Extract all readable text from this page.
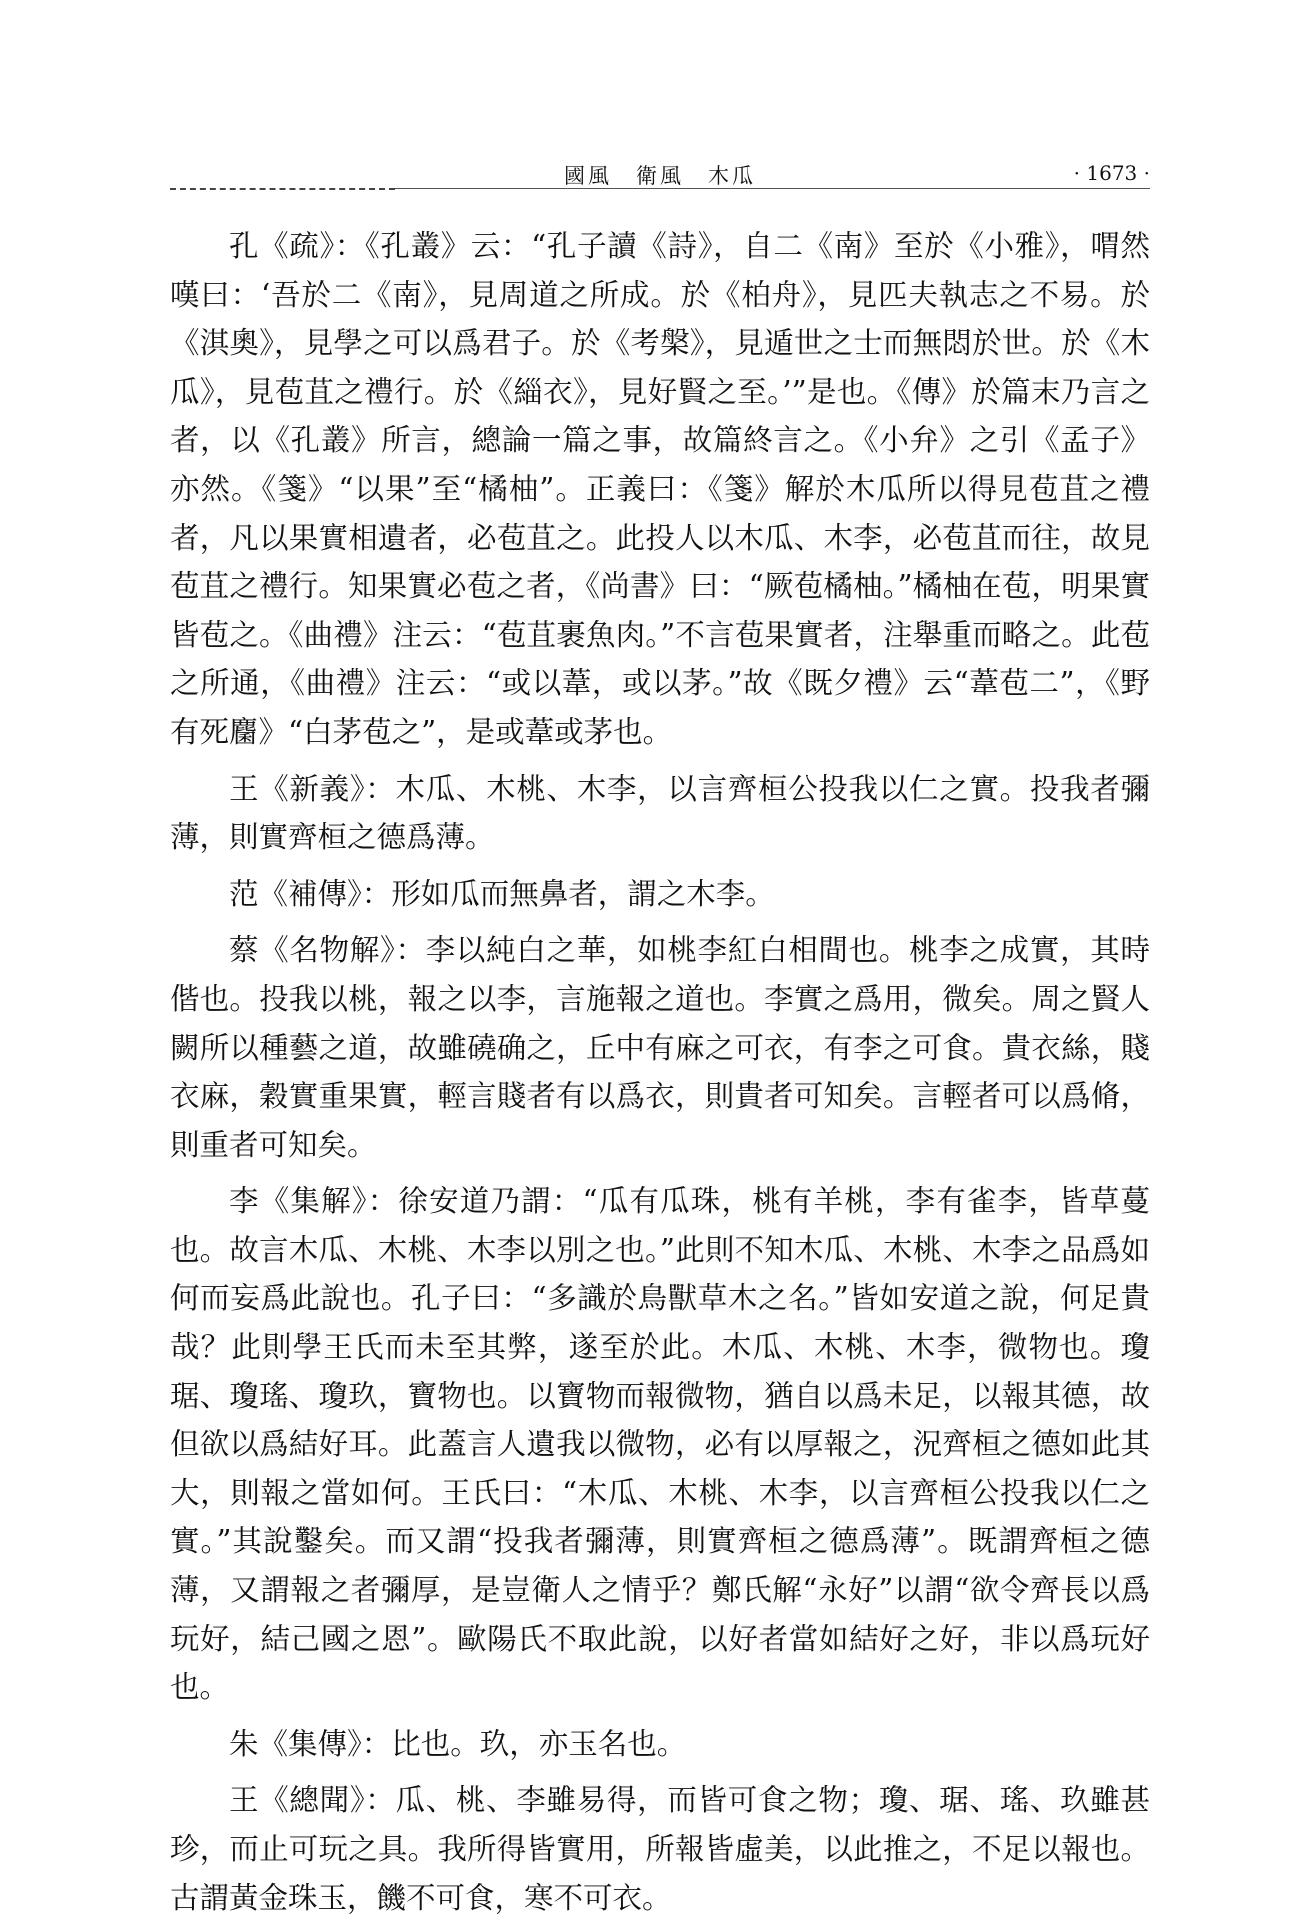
國風　衛風　木瓜	· 1673 ·

孔《疏》：《孔叢》云：“孔子讀《詩》，自二《南》至於《小雅》，喟然嘆曰：‘吾於二《南》，見周道之所成。於《柏舟》，見匹夫執志之不易。於《淇奧》，見學之可以爲君子。於《考槃》，見遁世之士而無悶於世。於《木瓜》，見苞苴之禮行。於《緇衣》，見好賢之至。’”是也。《傳》於篇末乃言之者，以《孔叢》所言，總論一篇之事，故篇終言之。《小弁》之引《孟子》亦然。《箋》“以果”至“橘柚”。正義曰：《箋》解於木瓜所以得見苞苴之禮者，凡以果實相遺者，必苞苴之。此投人以木瓜、木李，必苞苴而往，故見苞苴之禮行。知果實必苞之者，《尚書》曰：“厥苞橘柚。”橘柚在苞，明果實皆苞之。《曲禮》注云：“苞苴裹魚肉。”不言苞果實者，注舉重而略之。此苞之所通，《曲禮》注云：“或以葦，或以茅。”故《既夕禮》云“葦苞二”，《野有死麕》“白茅苞之”，是或葦或茅也。

王《新義》：木瓜、木桃、木李，以言齊桓公投我以仁之實。投我者彌薄，則實齊桓之德爲薄。

范《補傳》：形如瓜而無鼻者，謂之木李。

蔡《名物解》：李以純白之華，如桃李紅白相間也。桃李之成實，其時偕也。投我以桃，報之以李，言施報之道也。李實之爲用，微矣。周之賢人闕所以種藝之道，故雖磽确之，丘中有麻之可衣，有李之可食。貴衣絲，賤衣麻，穀實重果實，輕言賤者有以爲衣，則貴者可知矣。言輕者可以爲脩，則重者可知矣。

李《集解》：徐安道乃謂：“瓜有瓜珠，桃有羊桃，李有雀李，皆草蔓也。故言木瓜、木桃、木李以別之也。”此則不知木瓜、木桃、木李之品爲如何而妄爲此說也。孔子曰：“多識於鳥獸草木之名。”皆如安道之說，何足貴哉？此則學王氏而未至其弊，遂至於此。木瓜、木桃、木李，微物也。瓊琚、瓊瑤、瓊玖，寶物也。以寶物而報微物，猶自以爲未足，以報其德，故但欲以爲結好耳。此蓋言人遺我以微物，必有以厚報之，況齊桓之德如此其大，則報之當如何。王氏曰：“木瓜、木桃、木李，以言齊桓公投我以仁之實。”其說鑿矣。而又謂“投我者彌薄，則實齊桓之德爲薄”。既謂齊桓之德薄，又謂報之者彌厚，是豈衛人之情乎？鄭氏解“永好”以謂“欲令齊長以爲玩好，結己國之恩”。歐陽氏不取此說，以好者當如結好之好，非以爲玩好也。

朱《集傳》：比也。玖，亦玉名也。

王《總聞》：瓜、桃、李雖易得，而皆可食之物；瓊、琚、瑤、玖雖甚珍，而止可玩之具。我所得皆實用，所報皆虛美，以此推之，不足以報也。古謂黃金珠玉，饑不可食，寒不可衣。
